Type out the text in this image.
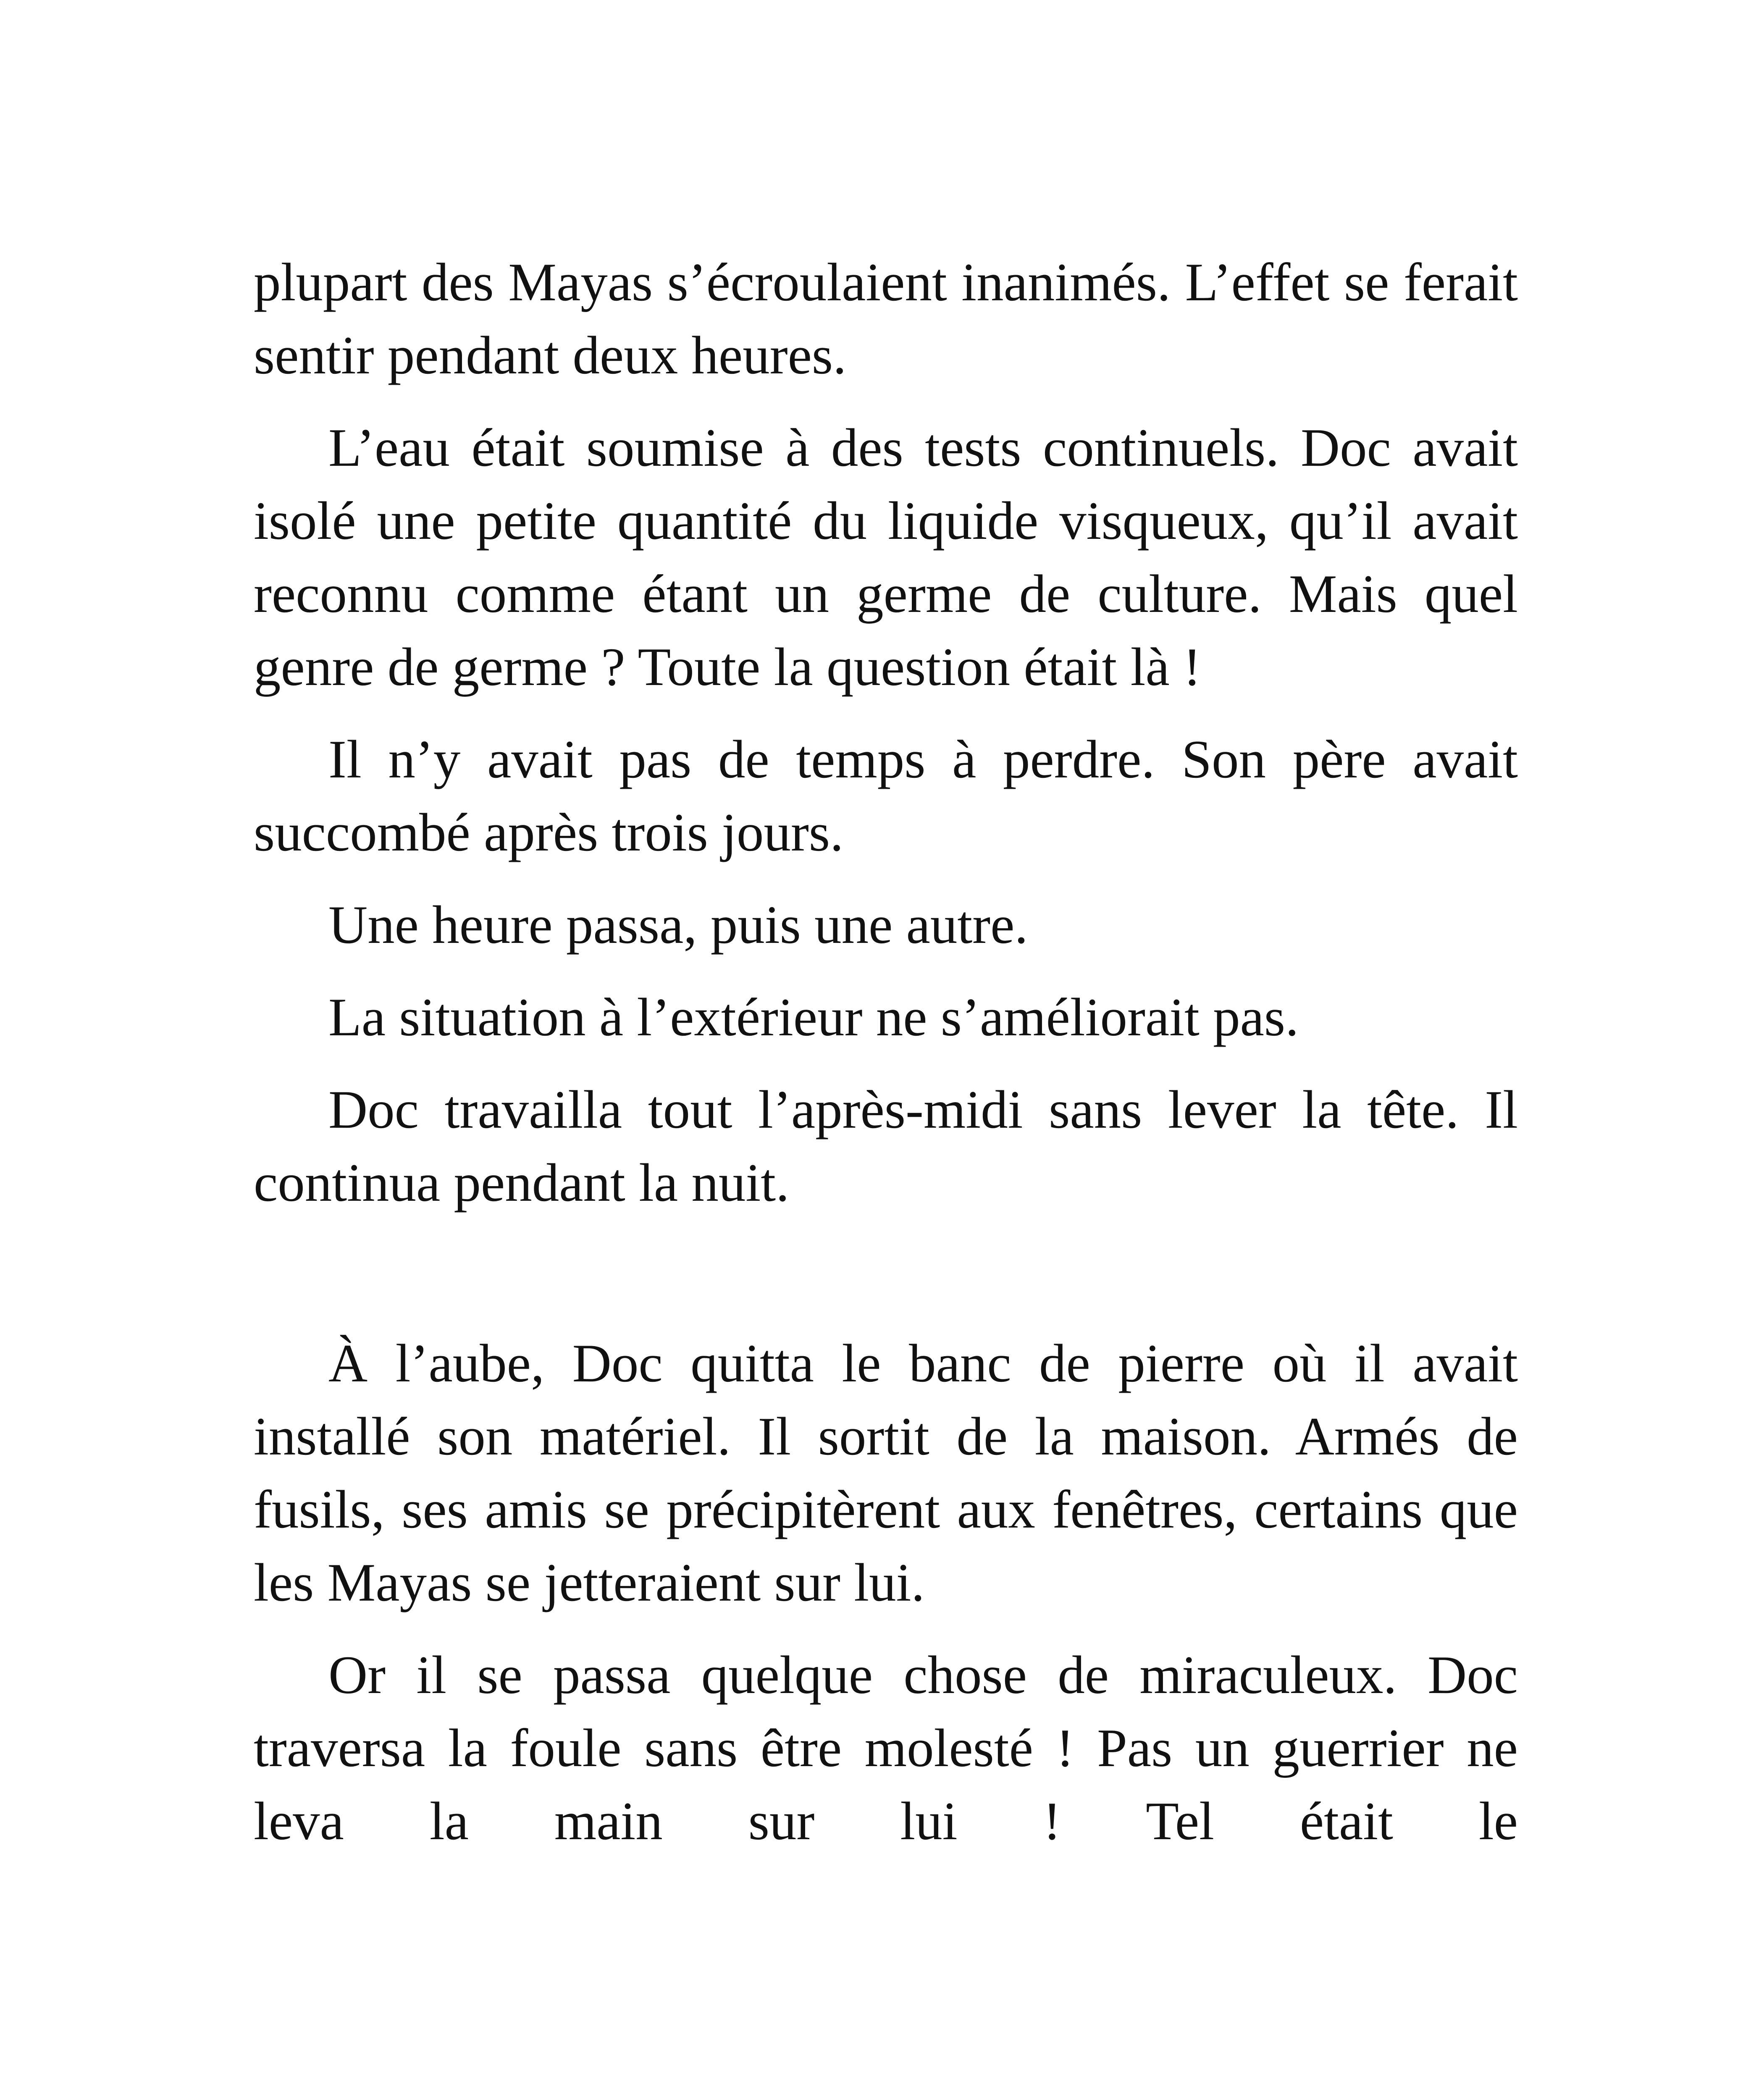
plupart des Mayas s’écroulaient inanimés. L’effet se ferait sentir pendant deux heures.

L’eau était soumise à des tests continuels. Doc avait isolé une petite quantité du liquide visqueux, qu’il avait reconnu comme étant un germe de culture. Mais quel genre de germe ? Toute la question était là !

Il n’y avait pas de temps à perdre. Son père avait succombé après trois jours.

Une heure passa, puis une autre.

La situation à l’extérieur ne s’améliorait pas.

Doc travailla tout l’après-midi sans lever la tête. Il continua pendant la nuit.

À l’aube, Doc quitta le banc de pierre où il avait installé son matériel. Il sortit de la maison. Armés de fusils, ses amis se précipitèrent aux fenêtres, certains que les Mayas se jetteraient sur lui.

Or il se passa quelque chose de miraculeux. Doc traversa la foule sans être molesté ! Pas un guerrier ne leva la main sur lui ! Tel était le
